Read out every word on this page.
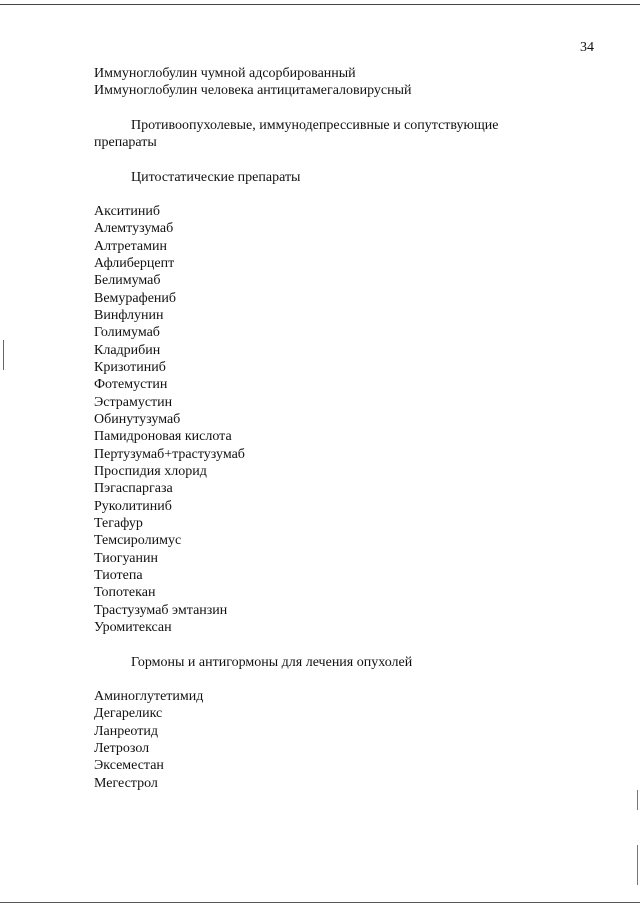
34
Иммуноглобулин чумной адсорбированный
Иммуноглобулин человека антицитамегаловирусный
Противоопухолевые, иммунодепрессивные и сопутствующие
препараты
Цитостатические препараты
Акситиниб
Алемтузумаб
Алтретамин
Афлиберцепт
Белимумаб
Вемурафениб
Винфлунин
Голимумаб
Кладрибин
Кризотиниб
Фотемустин
Эстрамустин
Обинутузумаб
Памидроновая кислота
Пертузумаб+трастузумаб
Проспидия хлорид
Пэгаспаргаза
Руколитиниб
Тегафур
Темсиролимус
Тиогуанин
Тиотепа
Топотекан
Трастузумаб эмтанзин
Уромитексан
Гормоны и антигормоны для лечения опухолей
Аминоглутетимид
Дегареликс
Ланреотид
Летрозол
Эксеместан
Мегестрол
